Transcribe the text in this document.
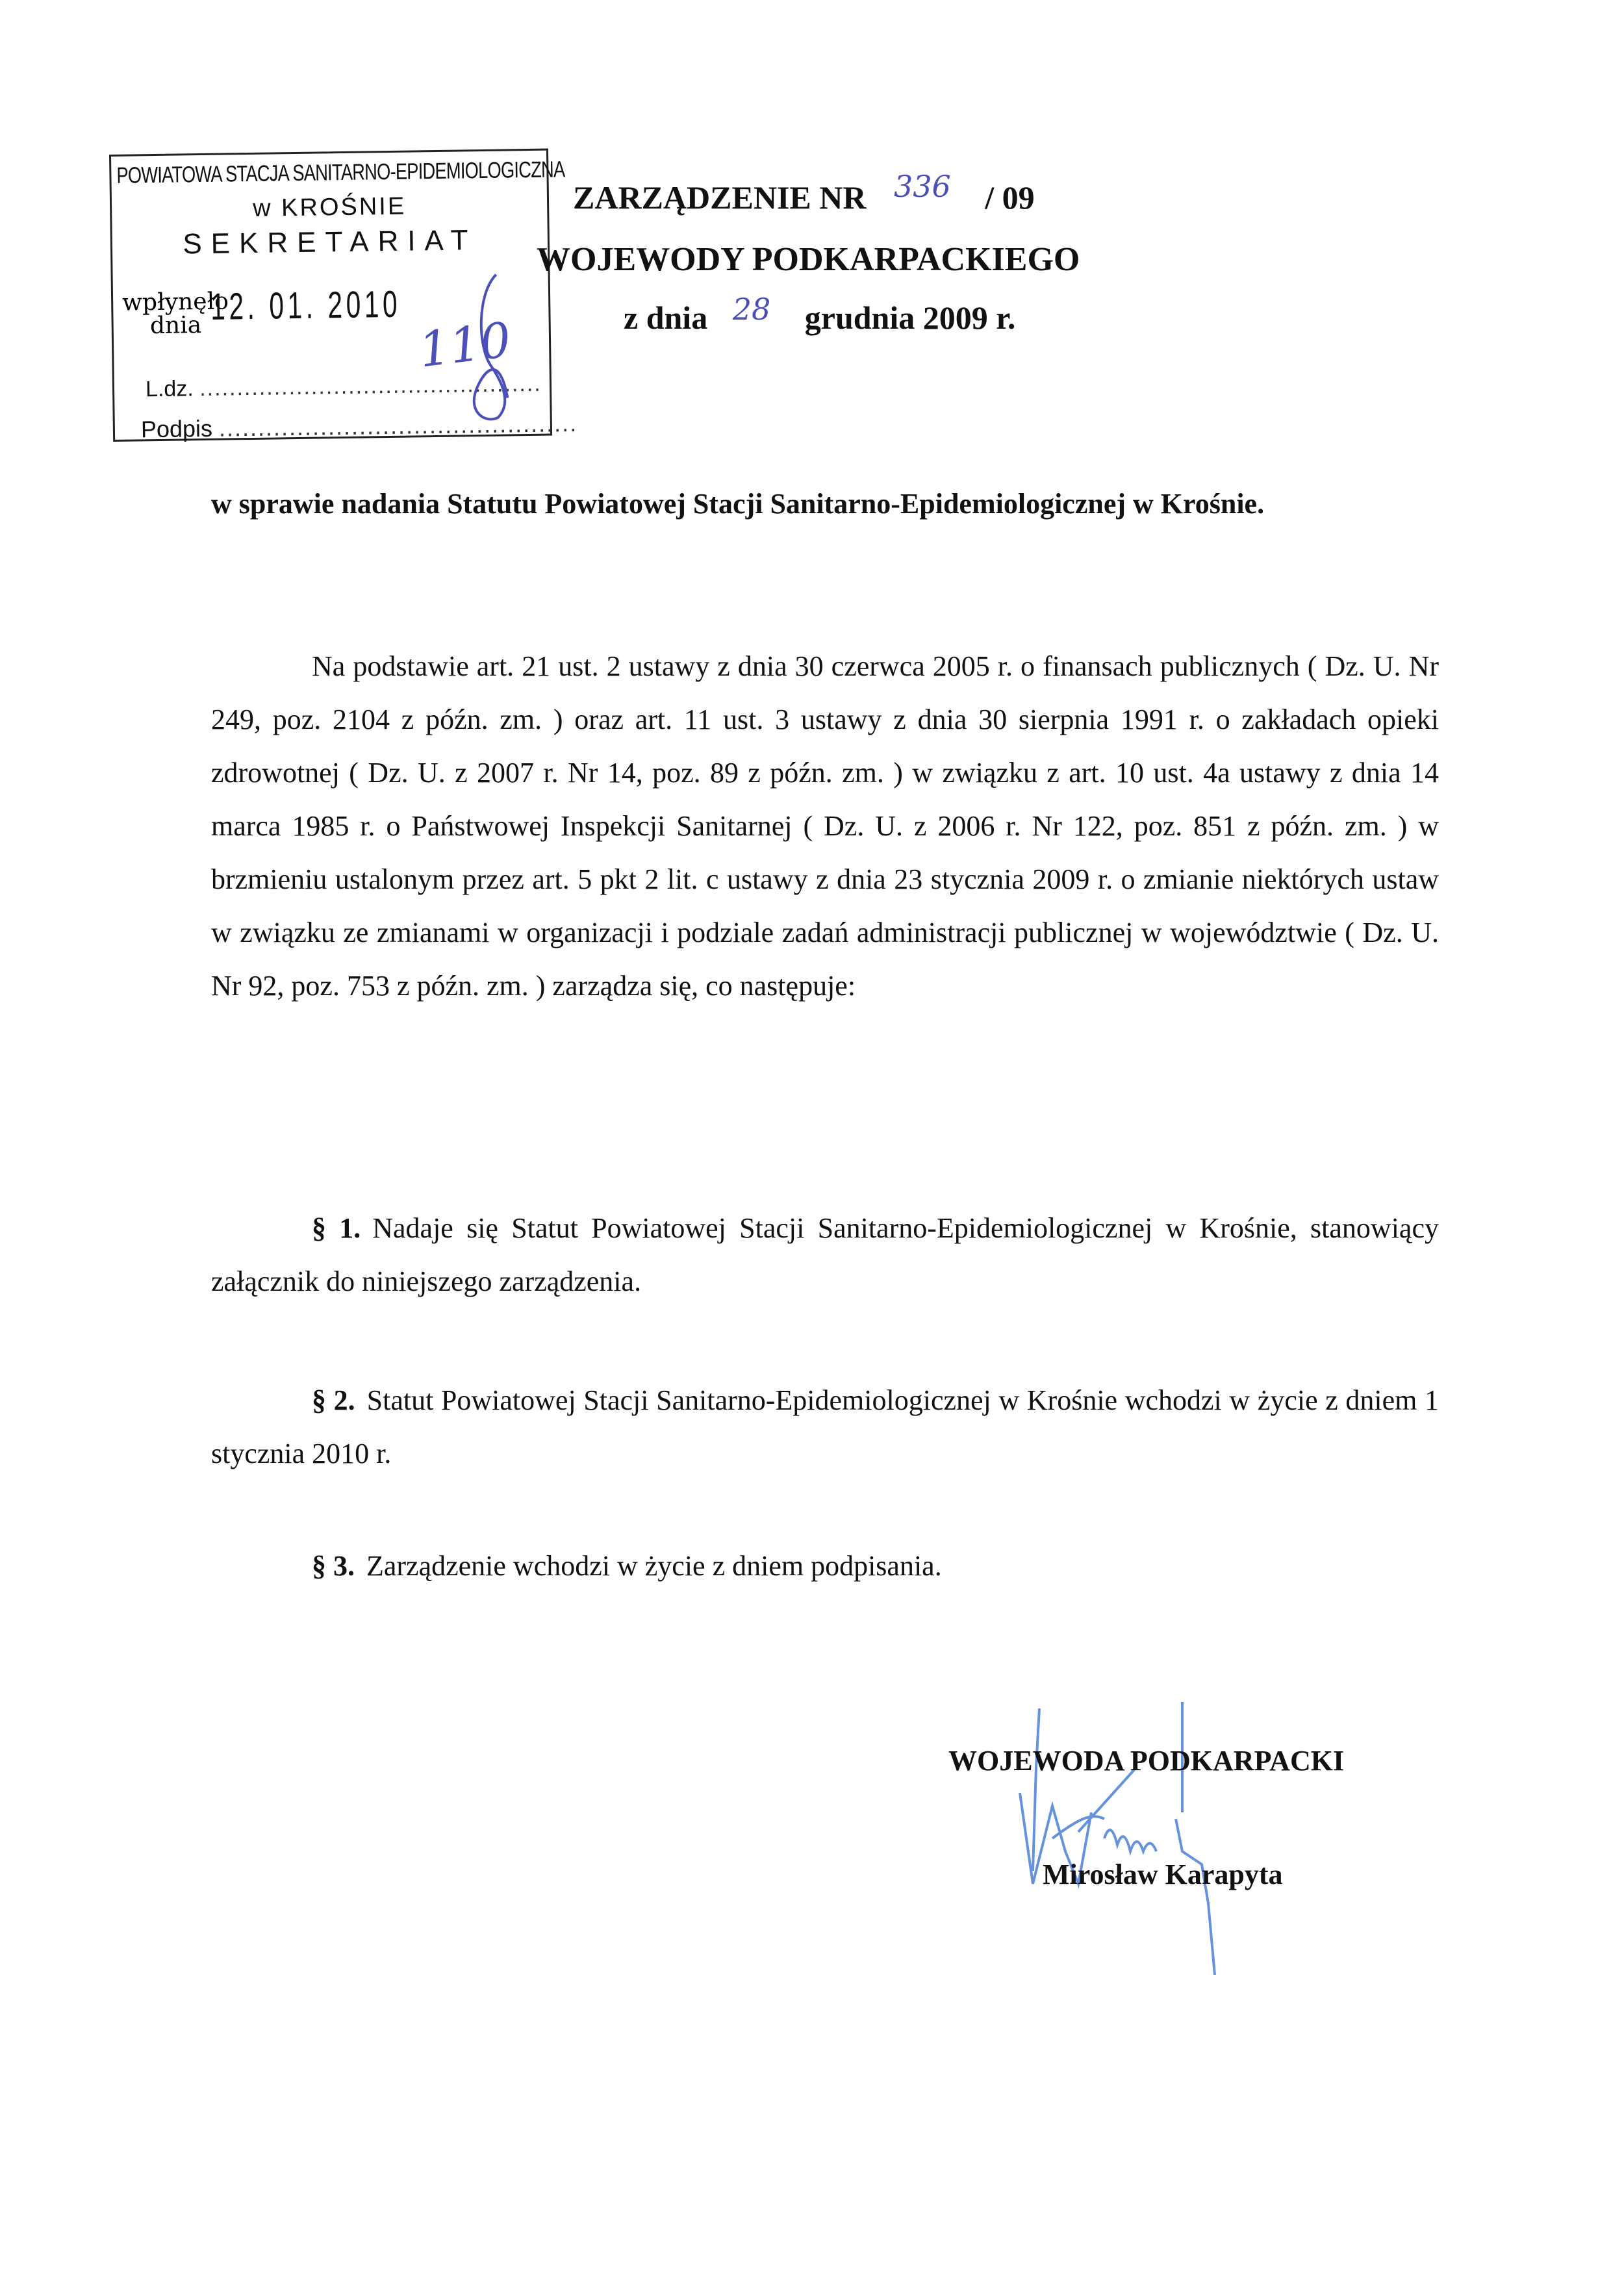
POWIATOWA STACJA SANITARNO-EPIDEMIOLOGICZNA
w KROŚNIE
SEKRETARIAT
wpłynęło
dnia 12. 01. 2010
110
L.dz. ..............................................
Podpis ..............................................
ZARZĄDZENIE NR 336 / 09
WOJEWODY PODKARPACKIEGO
z dnia 28 grudnia 2009 r.
w sprawie nadania Statutu Powiatowej Stacji Sanitarno-Epidemiologicznej w Krośnie.
Na podstawie art. 21 ust. 2 ustawy z dnia 30 czerwca 2005 r. o finansach publicznych ( Dz. U. Nr 249, poz. 2104 z późn. zm. ) oraz art. 11 ust. 3 ustawy z dnia 30 sierpnia 1991 r. o zakładach opieki zdrowotnej ( Dz. U. z 2007 r. Nr 14, poz. 89 z późn. zm. ) w związku z art. 10 ust. 4a ustawy z dnia 14 marca 1985 r. o Państwowej Inspekcji Sanitarnej ( Dz. U. z 2006 r. Nr 122, poz. 851 z późn. zm. ) w brzmieniu ustalonym przez art. 5 pkt 2 lit. c ustawy z dnia 23 stycznia 2009 r. o zmianie niektórych ustaw w związku ze zmianami w organizacji i podziale zadań administracji publicznej w województwie ( Dz. U. Nr 92, poz. 753 z późn. zm. ) zarządza się, co następuje:
§ 1. Nadaje się Statut Powiatowej Stacji Sanitarno-Epidemiologicznej w Krośnie, stanowiący załącznik do niniejszego zarządzenia.
§ 2. Statut Powiatowej Stacji Sanitarno-Epidemiologicznej w Krośnie wchodzi w życie z dniem 1 stycznia 2010 r.
§ 3. Zarządzenie wchodzi w życie z dniem podpisania.
WOJEWODA PODKARPACKI
Mirosław Karapyta
